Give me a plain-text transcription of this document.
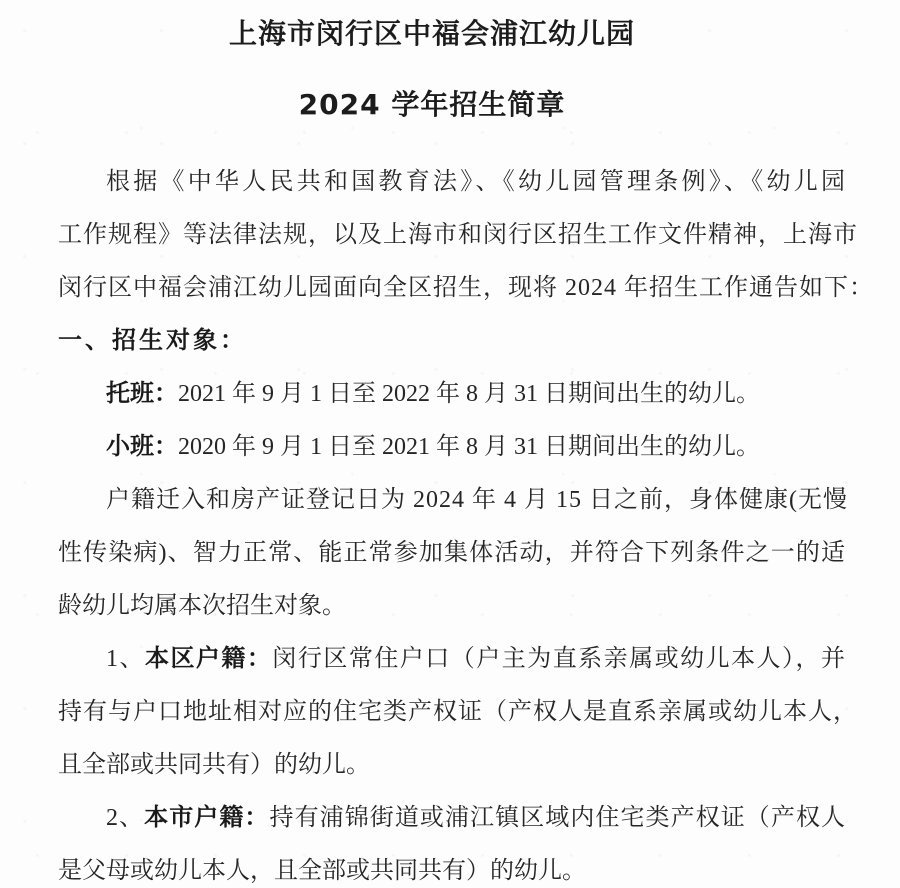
上海市闵行区中福会浦江幼儿园
2024 学年招生简章
根据《中华人民共和国教育法》、《幼儿园管理条例》、《幼儿园
工作规程》等法律法规，以及上海市和闵行区招生工作文件精神，上海市
闵行区中福会浦江幼儿园面向全区招生，现将 2024 年招生工作通告如下：
一、招生对象：
托班：2021 年 9 月 1 日至 2022 年 8 月 31 日期间出生的幼儿。
小班：2020 年 9 月 1 日至 2021 年 8 月 31 日期间出生的幼儿。
户籍迁入和房产证登记日为 2024 年 4 月 15 日之前，身体健康(无慢
性传染病)、智力正常、能正常参加集体活动，并符合下列条件之一的适
龄幼儿均属本次招生对象。
1、本区户籍：闵行区常住户口（户主为直系亲属或幼儿本人），并
持有与户口地址相对应的住宅类产权证（产权人是直系亲属或幼儿本人，
且全部或共同共有）的幼儿。
2、本市户籍：持有浦锦街道或浦江镇区域内住宅类产权证（产权人
是父母或幼儿本人，且全部或共同共有）的幼儿。
